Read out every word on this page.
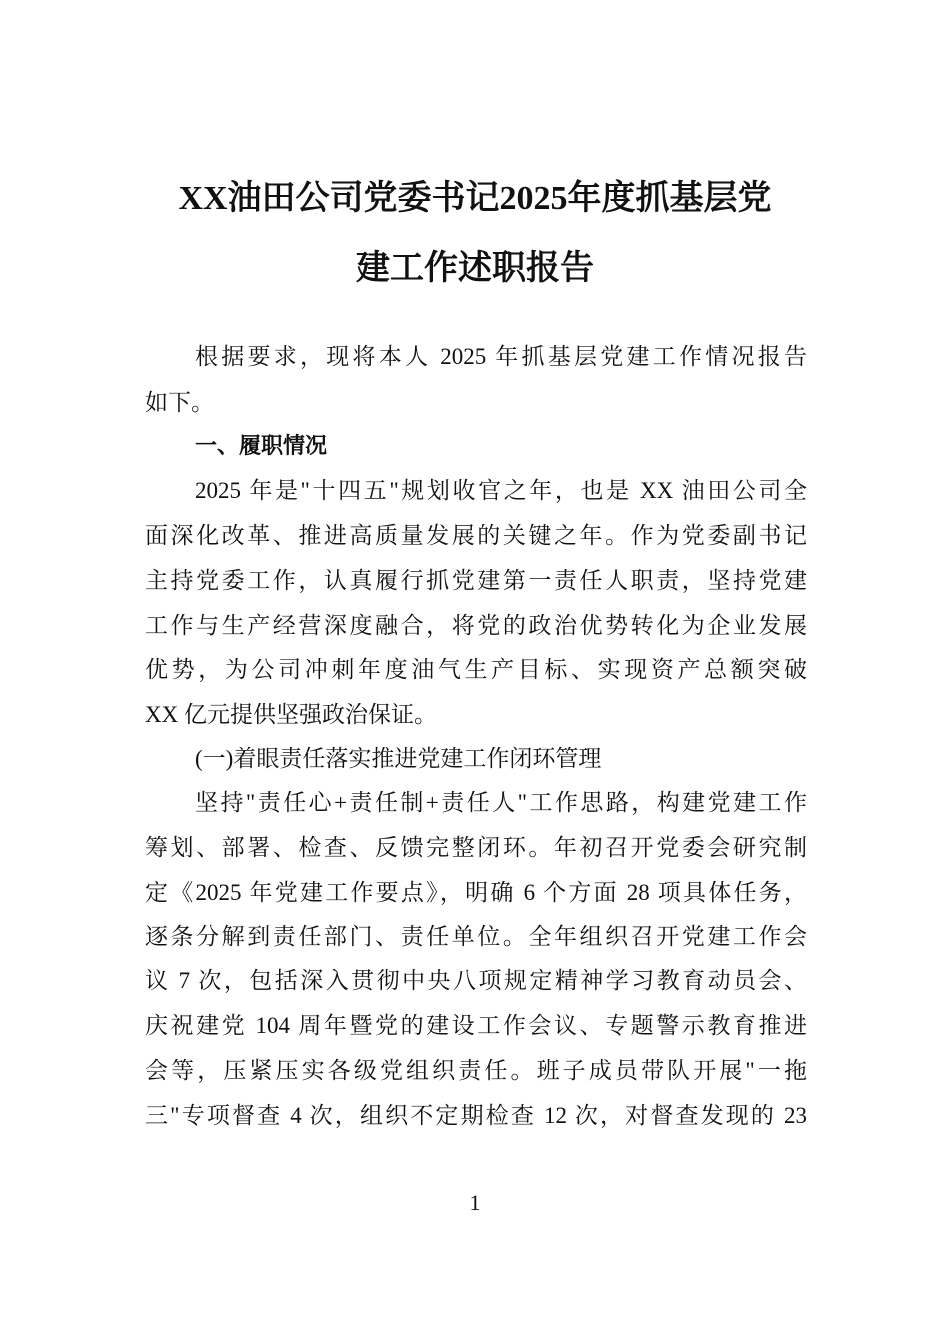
XX油田公司党委书记2025年度抓基层党
建工作述职报告
根据要求，现将本人 2025 年抓基层党建工作情况报告
如下。
一、履职情况
2025 年是"十四五"规划收官之年，也是 XX 油田公司全
面深化改革、推进高质量发展的关键之年。作为党委副书记
主持党委工作，认真履行抓党建第一责任人职责，坚持党建
工作与生产经营深度融合，将党的政治优势转化为企业发展
优势，为公司冲刺年度油气生产目标、实现资产总额突破
XX 亿元提供坚强政治保证。
(一)着眼责任落实推进党建工作闭环管理
坚持"责任心+责任制+责任人"工作思路，构建党建工作
筹划、部署、检查、反馈完整闭环。年初召开党委会研究制
定《2025 年党建工作要点》，明确 6 个方面 28 项具体任务，
逐条分解到责任部门、责任单位。全年组织召开党建工作会
议 7 次，包括深入贯彻中央八项规定精神学习教育动员会、
庆祝建党 104 周年暨党的建设工作会议、专题警示教育推进
会等，压紧压实各级党组织责任。班子成员带队开展"一拖
三"专项督查 4 次，组织不定期检查 12 次，对督查发现的 23
1
